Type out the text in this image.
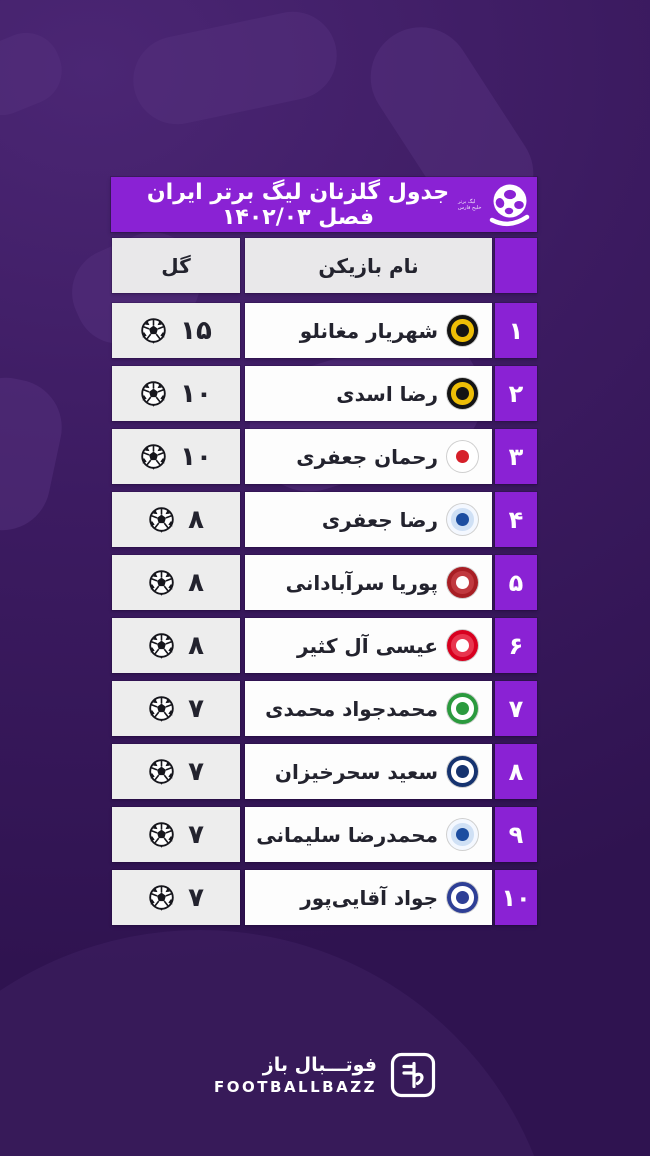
جدول گلزنان لیگ برتر ایران فصل ۱۴۰۲/۰۳
لیگ برتر خلیج فارس
گل	نام بازیکن
۱۵	شهریار مغانلو	۱
۱۰	رضا اسدی	۲
۱۰	رحمان جعفری	۳
۸	رضا جعفری	۴
۸	پوریا سرآبادانی	۵
۸	عیسی آل کثیر	۶
۷	محمدجواد محمدی	۷
۷	سعید سحرخیزان	۸
۷	محمدرضا سلیمانی	۹
۷	جواد آقایی‌پور	۱۰
فوتـــبال باز
FOOTBALLBAZZ
